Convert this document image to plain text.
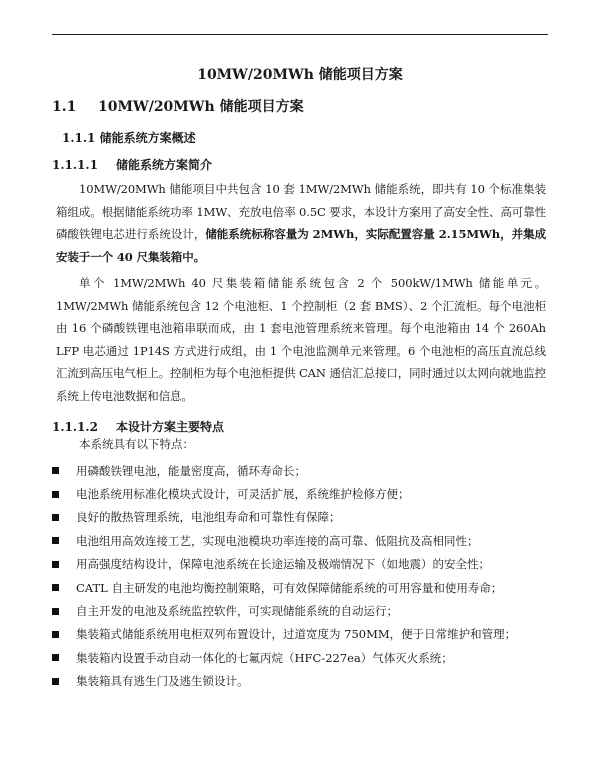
10MW/20MWh 储能项目方案
1.1 10MW/20MWh 储能项目方案
1.1.1 储能系统方案概述
1.1.1.1 储能系统方案简介
10MW/20MWh 储能项目中共包含 10 套 1MW/2MWh 储能系统，即共有 10 个标准集装箱组成。根据储能系统功率 1MW、充放电倍率 0.5C 要求，本设计方案用了高安全性、高可靠性磷酸铁锂电芯进行系统设计，储能系统标称容量为 2MWh，实际配置容量 2.15MWh，并集成安装于一个 40 尺集装箱中。
单个 1MW/2MWh 40 尺集装箱储能系统包含 2 个 500kW/1MWh 储能单元。1MW/2MWh 储能系统包含 12 个电池柜、1 个控制柜（2 套 BMS）、2 个汇流柜。每个电池柜由 16 个磷酸铁锂电池箱串联而成，由 1 套电池管理系统来管理。每个电池箱由 14 个 260Ah LFP 电芯通过 1P14S 方式进行成组，由 1 个电池监测单元来管理。6 个电池柜的高压直流总线汇流到高压电气柜上。控制柜为每个电池柜提供 CAN 通信汇总接口，同时通过以太网向就地监控系统上传电池数据和信息。
1.1.1.2 本设计方案主要特点
本系统具有以下特点：
用磷酸铁锂电池，能量密度高，循环寿命长；
电池系统用标准化模块式设计，可灵活扩展，系统维护检修方便；
良好的散热管理系统，电池组寿命和可靠性有保障；
电池组用高效连接工艺，实现电池模块功率连接的高可靠、低阻抗及高相同性；
用高强度结构设计，保障电池系统在长途运输及极端情况下（如地震）的安全性；
CATL 自主研发的电池均衡控制策略，可有效保障储能系统的可用容量和使用寿命；
自主开发的电池及系统监控软件，可实现储能系统的自动运行；
集装箱式储能系统用电柜双列布置设计，过道宽度为 750MM，便于日常维护和管理；
集装箱内设置手动自动一体化的七氟丙烷（HFC-227ea）气体灭火系统；
集装箱具有逃生门及逃生锁设计。
